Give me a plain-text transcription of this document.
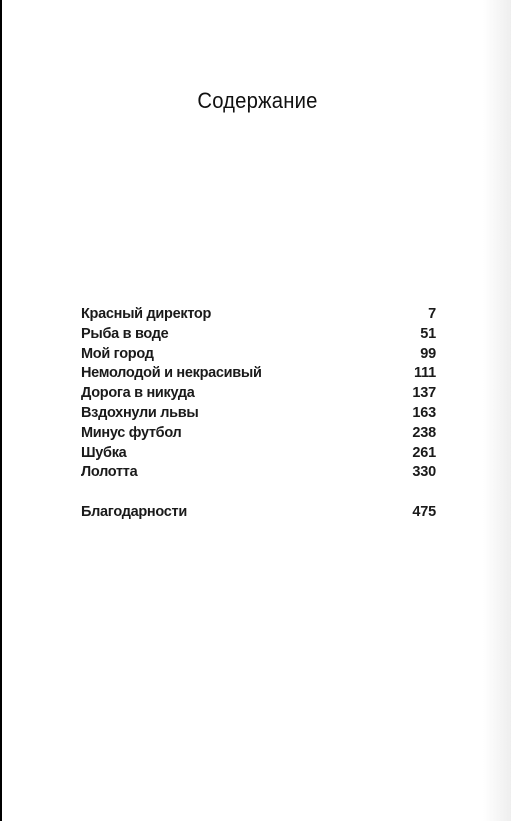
Содержание
Красный директор	7
Рыба в воде	51
Мой город	99
Немолодой и некрасивый	111
Дорога в никуда	137
Вздохнули львы	163
Минус футбол	238
Шубка	261
Лолотта	330
Благодарности	475
